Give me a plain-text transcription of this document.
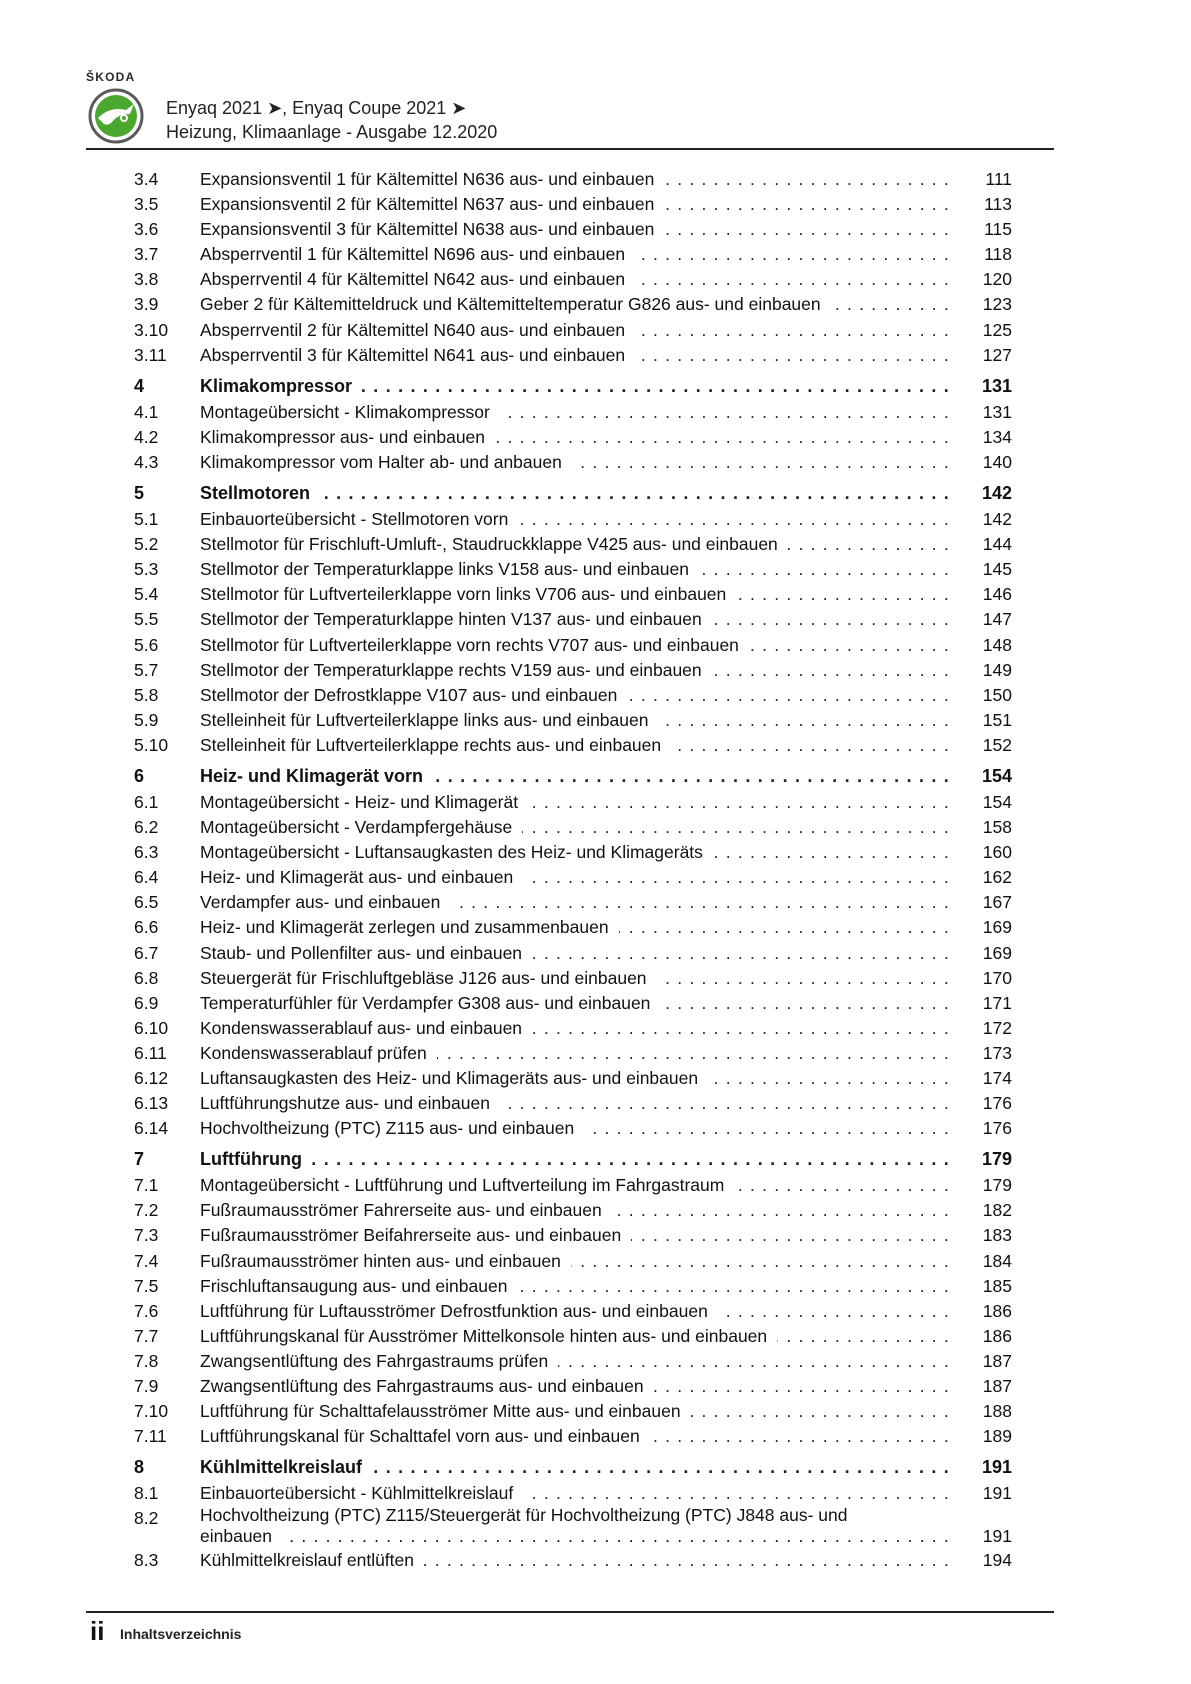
ŠKODA
Enyaq 2021 ➤, Enyaq Coupe 2021 ➤
Heizung, Klimaanlage - Ausgabe 12.2020
3.4 Expansionsventil 1 für Kältemittel N636 aus- und einbauen . . .	111
3.5 Expansionsventil 2 für Kältemittel N637 aus- und einbauen . . .	113
3.6 Expansionsventil 3 für Kältemittel N638 aus- und einbauen . . .	115
3.7 Absperrventil 1 für Kältemittel N696 aus- und einbauen . . .	118
3.8 Absperrventil 4 für Kältemittel N642 aus- und einbauen . . .	120
3.9 Geber 2 für Kältemitteldruck und Kältemitteltemperatur G826 aus- und einbauen . . .	123
3.10 Absperrventil 2 für Kältemittel N640 aus- und einbauen . . .	125
3.11 Absperrventil 3 für Kältemittel N641 aus- und einbauen . . .	127
4	Klimakompressor . . .	131
4.1 Montageübersicht - Klimakompressor . . .	131
4.2 Klimakompressor aus- und einbauen . . .	134
4.3 Klimakompressor vom Halter ab- und anbauen . . .	140
5	Stellmotoren . . .	142
5.1 Einbauorteübersicht - Stellmotoren vorn . . .	142
5.2 Stellmotor für Frischluft-Umluft-, Staudruckklappe V425 aus- und einbauen . . .	144
5.3 Stellmotor der Temperaturklappe links V158 aus- und einbauen . . .	145
5.4 Stellmotor für Luftverteilerklappe vorn links V706 aus- und einbauen . . .	146
5.5 Stellmotor der Temperaturklappe hinten V137 aus- und einbauen . . .	147
5.6 Stellmotor für Luftverteilerklappe vorn rechts V707 aus- und einbauen . . .	148
5.7 Stellmotor der Temperaturklappe rechts V159 aus- und einbauen . . .	149
5.8 Stellmotor der Defrostklappe V107 aus- und einbauen . . .	150
5.9 Stelleinheit für Luftverteilerklappe links aus- und einbauen . . .	151
5.10 Stelleinheit für Luftverteilerklappe rechts aus- und einbauen . . .	152
6	Heiz- und Klimagerät vorn . . .	154
6.1 Montageübersicht - Heiz- und Klimagerät . . .	154
6.2 Montageübersicht - Verdampfergehäuse . . .	158
6.3 Montageübersicht - Luftansaugkasten des Heiz- und Klimageräts . . .	160
6.4 Heiz- und Klimagerät aus- und einbauen . . .	162
6.5 Verdampfer aus- und einbauen . . .	167
6.6 Heiz- und Klimagerät zerlegen und zusammenbauen . . .	169
6.7 Staub- und Pollenfilter aus- und einbauen . . .	169
6.8 Steuergerät für Frischluftgebläse J126 aus- und einbauen . . .	170
6.9 Temperaturfühler für Verdampfer G308 aus- und einbauen . . .	171
6.10 Kondenswasserablauf aus- und einbauen . . .	172
6.11 Kondenswasserablauf prüfen . . .	173
6.12 Luftansaugkasten des Heiz- und Klimageräts aus- und einbauen . . .	174
6.13 Luftführungshutze aus- und einbauen . . .	176
6.14 Hochvoltheizung (PTC) Z115 aus- und einbauen . . .	176
7	Luftführung . . .	179
7.1 Montageübersicht - Luftführung und Luftverteilung im Fahrgastraum . . .	179
7.2 Fußraumausströmer Fahrerseite aus- und einbauen . . .	182
7.3 Fußraumausströmer Beifahrerseite aus- und einbauen . . .	183
7.4 Fußraumausströmer hinten aus- und einbauen . . .	184
7.5 Frischluftansaugung aus- und einbauen . . .	185
7.6 Luftführung für Luftausströmer Defrostfunktion aus- und einbauen . . .	186
7.7 Luftführungskanal für Ausströmer Mittelkonsole hinten aus- und einbauen . . .	186
7.8 Zwangsentlüftung des Fahrgastraums prüfen . . .	187
7.9 Zwangsentlüftung des Fahrgastraums aus- und einbauen . . .	187
7.10 Luftführung für Schalttafelausströmer Mitte aus- und einbauen . . .	188
7.11 Luftführungskanal für Schalttafel vorn aus- und einbauen . . .	189
8	Kühlmittelkreislauf . . .	191
8.1 Einbauorteübersicht - Kühlmittelkreislauf . . .	191
8.2 Hochvoltheizung (PTC) Z115/Steuergerät für Hochvoltheizung (PTC) J848 aus- und
einbauen . . .	191
8.3 Kühlmittelkreislauf entlüften . . .	194
ii Inhaltsverzeichnis
